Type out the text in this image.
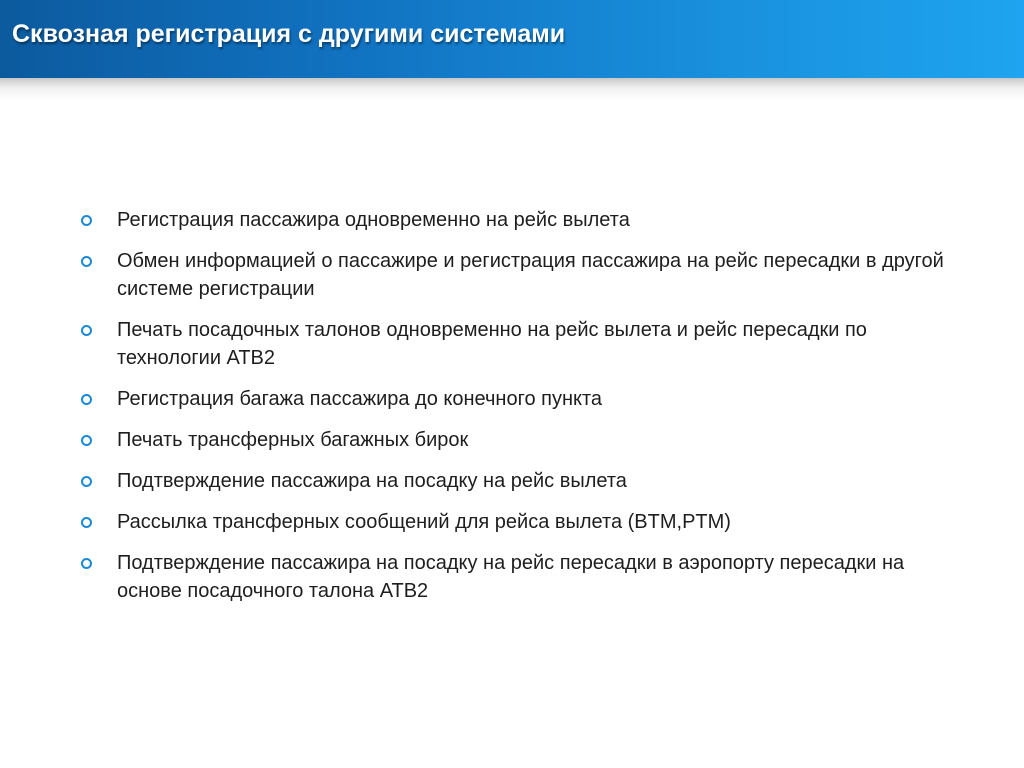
Сквозная регистрация с другими системами
Регистрация пассажира одновременно на рейс вылета
Обмен информацией о пассажире и регистрация пассажира на рейс пересадки в другой системе регистрации
Печать посадочных талонов одновременно на рейс вылета и рейс пересадки по технологии АТВ2
Регистрация багажа пассажира до конечного пункта
Печать трансферных багажных бирок
Подтверждение пассажира на посадку на рейс вылета
Рассылка трансферных сообщений для рейса вылета (BTM,PTM)
Подтверждение пассажира на посадку на рейс пересадки в аэропорту пересадки на основе посадочного талона АТВ2
